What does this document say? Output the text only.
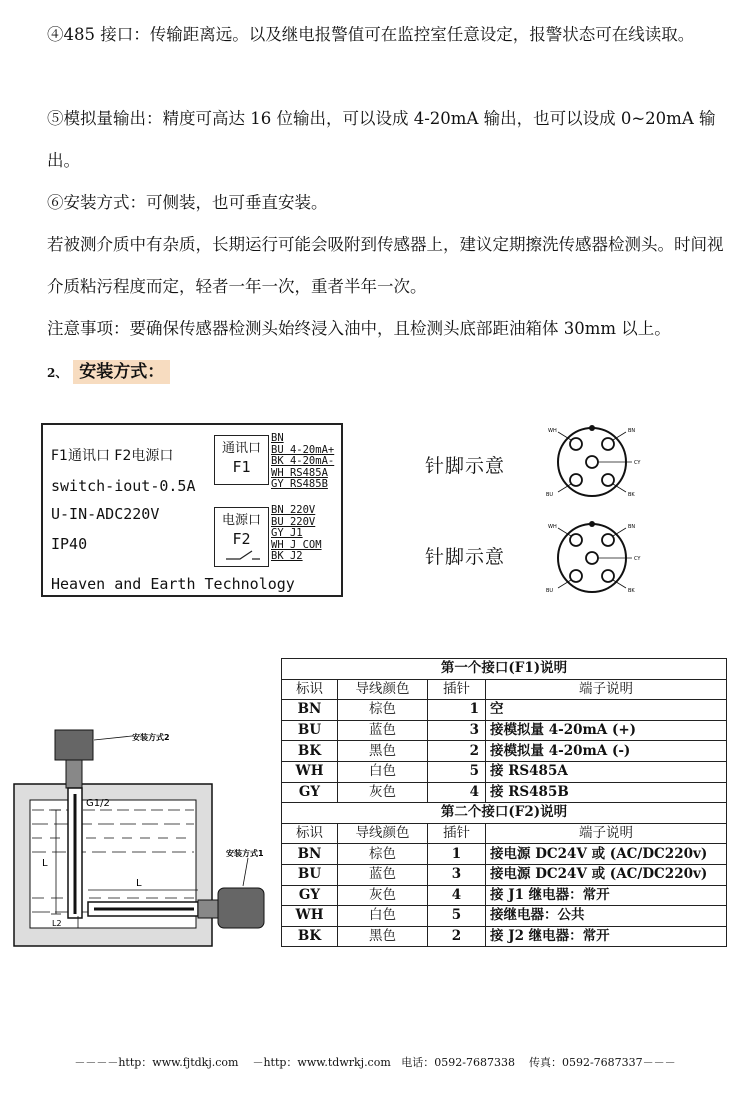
④485 接口：传输距离远。以及继电报警值可在监控室任意设定，报警状态可在线读取。

⑤模拟量输出：精度可高达 16 位输出，可以设成 4-20mA 输出，也可以设成 0~20mA 输出。

⑥安装方式：可侧装，也可垂直安装。

若被测介质中有杂质，长期运行可能会吸附到传感器上，建议定期擦洗传感器检测头。时间视介质粘污程度而定，轻者一年一次，重者半年一次。

注意事项：要确保传感器检测头始终浸入油中，且检测头底部距油箱体 30mm 以上。

2、 安装方式：
F1通讯口 F2电源口
switch-iout-0.5A
U-IN-ADC220V
IP40
Heaven and Earth Technology
通讯口
F1
BN
BU 4-20mA+
BK 4-20mA-
WH RS485A
GY RS485B
电源口
F2
BN 220V
BU 220V
GY J1
WH J COM
BK J2
针脚示意
针脚示意
WH	BN
CY
BU	BK
WH	BN
CY
BU	BK
安装方式2
G1/2
安装方式1
L
L
L2
第一个接口(F1)说明			
标识	导线颜色	插针	端子说明
BN	棕色	1	空
BU	蓝色	3	接模拟量 4-20mA (+)
BK	黑色	2	接模拟量 4-20mA (-)
WH	白色	5	接 RS485A
GY	灰色	4	接 RS485B
第二个接口(F2)说明			
标识	导线颜色	插针	端子说明
BN	棕色	1	接电源 DC24V 或 (AC/DC220v)
BU	蓝色	3	接电源 DC24V 或 (AC/DC220v)
GY	灰色	4	接 J1 继电器：常开
WH	白色	5	接继电器：公共
BK	黑色	2	接 J2 继电器：常开
－－－－http：www.fjtdkj.com    －http：www.tdwrkj.com   电话：0592-7687338    传真：0592-7687337－－－
